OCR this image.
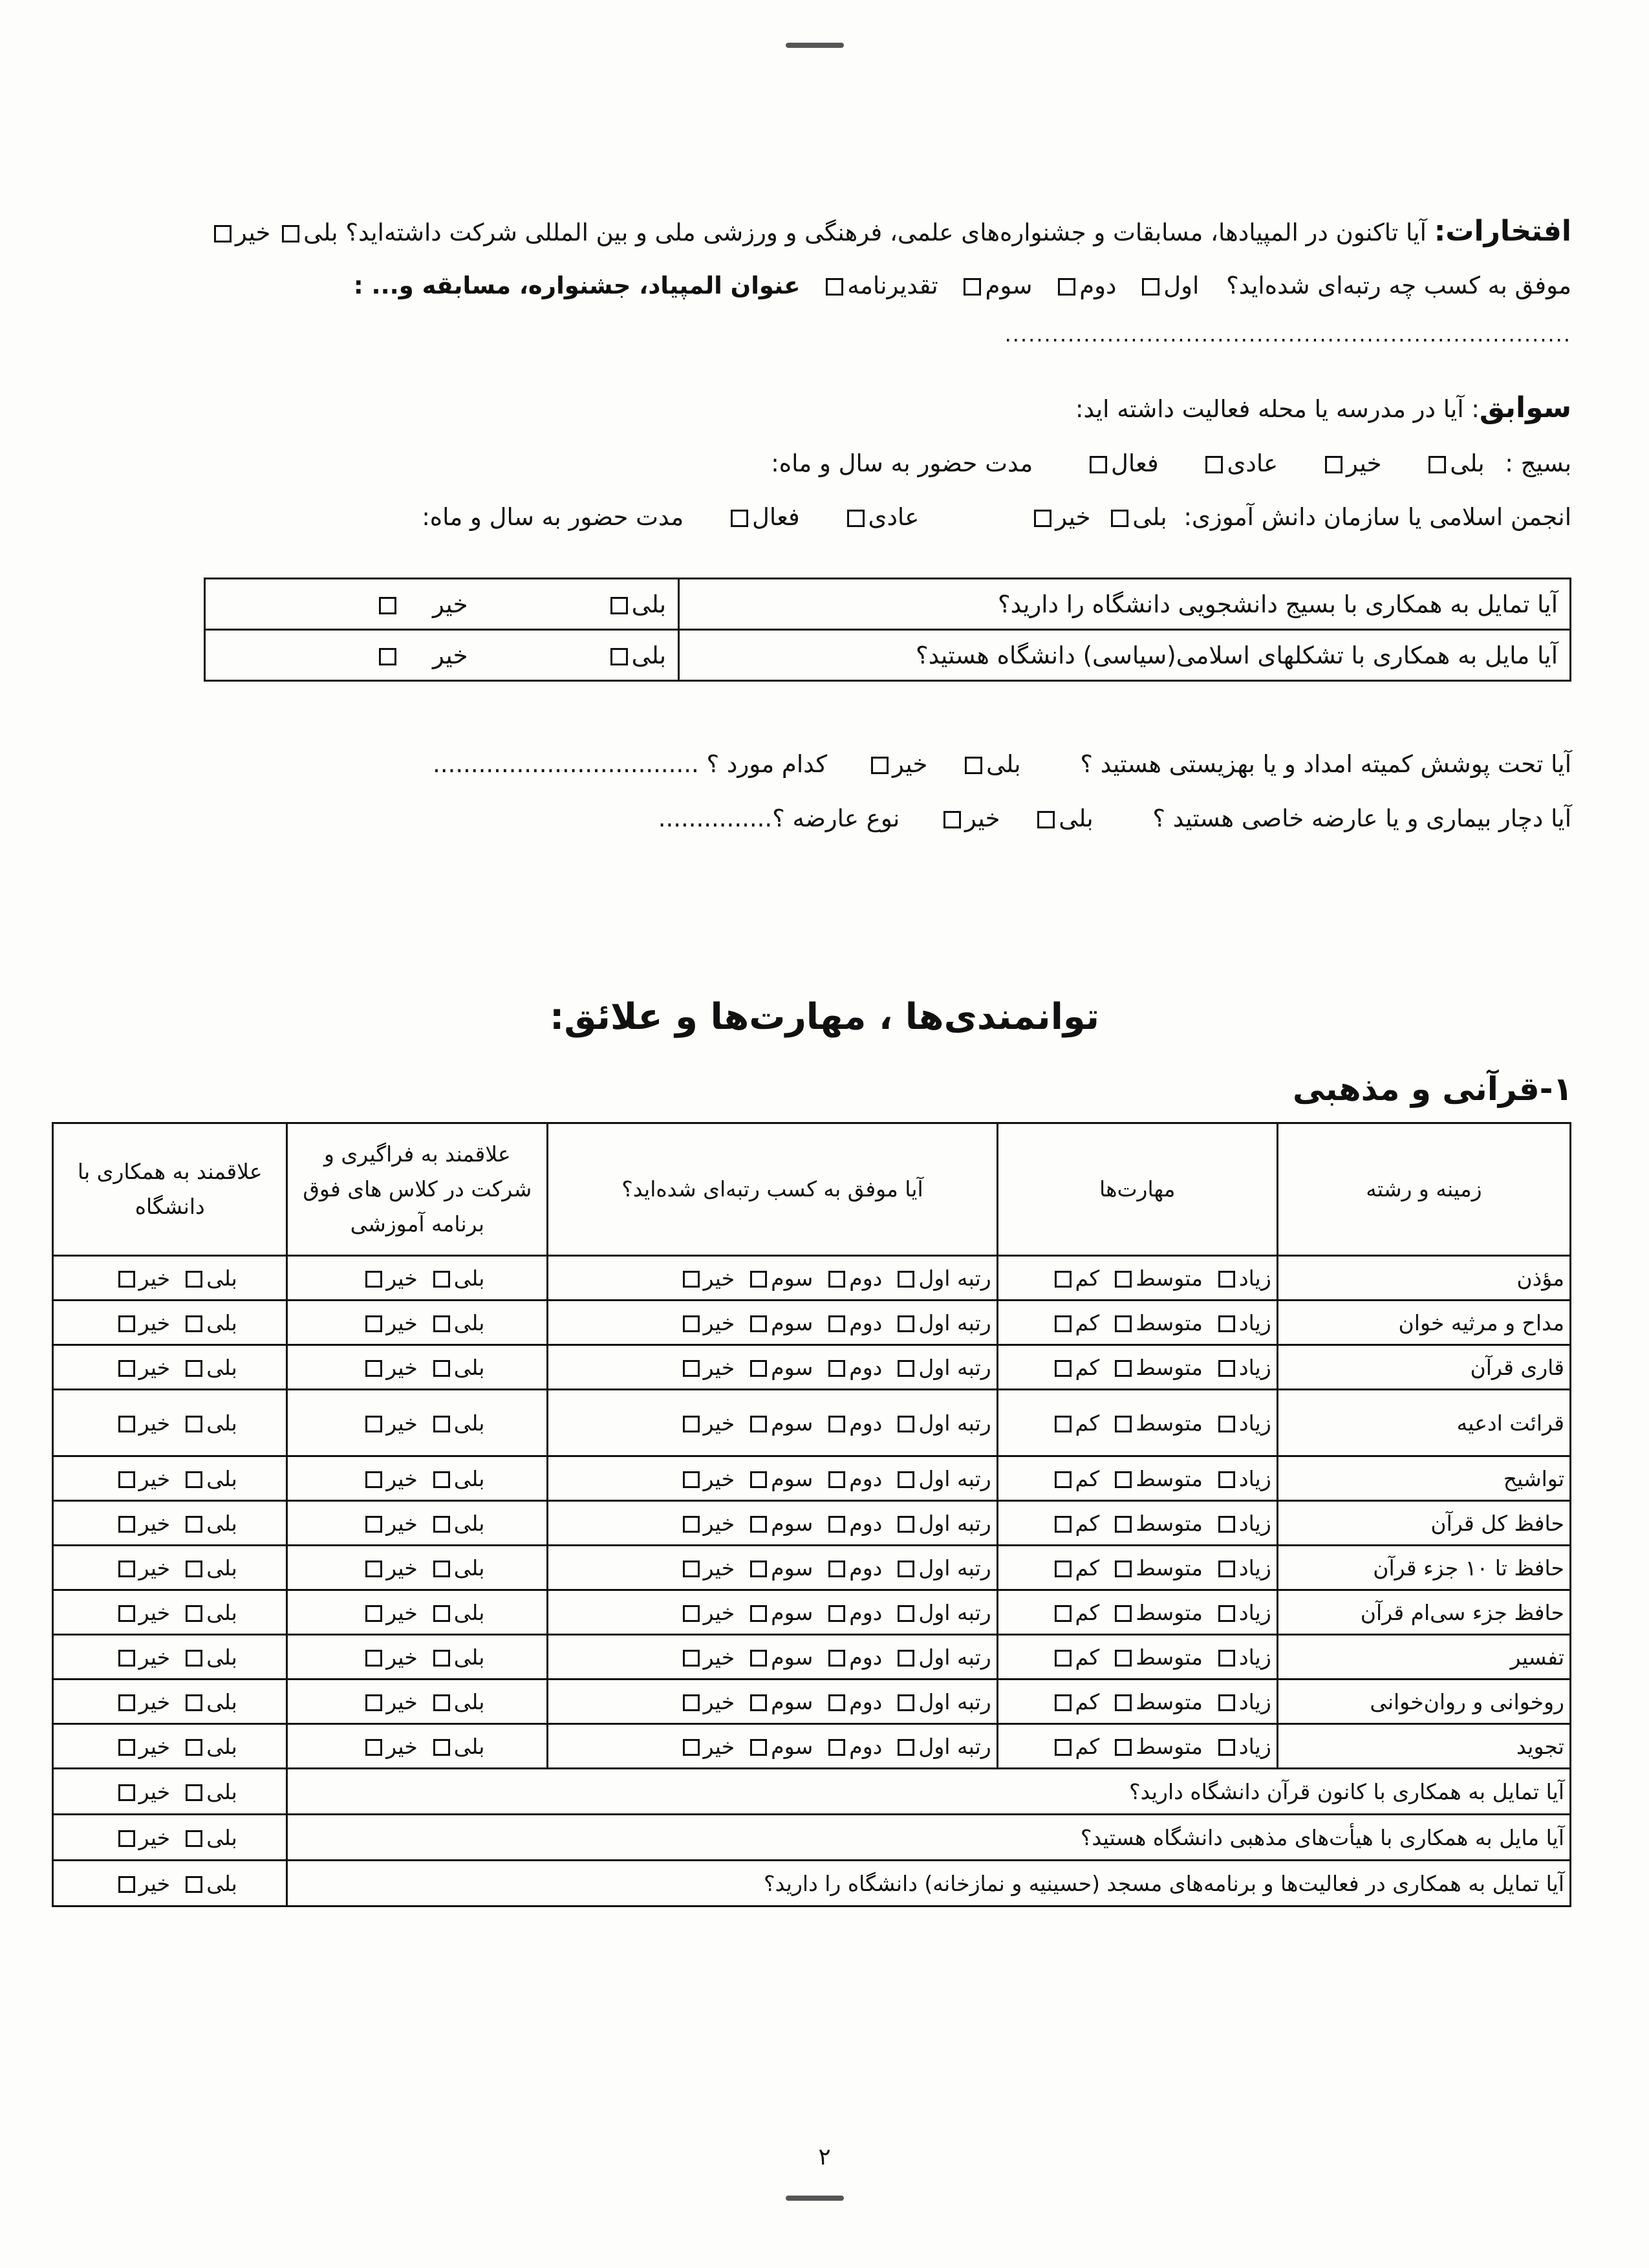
افتخارات: آیا تاکنون در المپیادها، مسابقات و جشنواره‌های علمی، فرهنگی و ورزشی ملی و بین المللی شرکت داشته‌اید؟ بلی خیر
موفق به کسب چه رتبه‌ای شده‌اید؟ اول دوم سوم تقدیرنامه عنوان المپیاد، جشنواره، مسابقه و... :
........................................................................
سوابق: آیا در مدرسه یا محله فعالیت داشته اید:
بسیج : بلی خیر عادی فعال مدت حضور به سال و ماه:
انجمن اسلامی یا سازمان دانش آموزی: بلی خیر عادی فعال مدت حضور به سال و ماه:
آیا تمایل به همکاری با بسیج دانشجویی دانشگاه را دارید؟	بلی	خیر
آیا مایل به همکاری با تشکلهای اسلامی(سیاسی) دانشگاه هستید؟	بلی	خیر
آیا تحت پوشش کمیته امداد و یا بهزیستی هستید ؟ بلی خیر کدام مورد ؟ ...................................
آیا دچار بیماری و یا عارضه خاصی هستید ؟ بلی خیر نوع عارضه ؟...............
توانمندی‌ها ، مهارت‌ها و علائق:
۱-قرآنی و مذهبی
زمینه و رشته	مهارت‌ها	آیا موفق به کسب رتبه‌ای شده‌اید؟	علاقمند به فراگیری و شرکت در کلاس های فوق برنامه آموزشی	علاقمند به همکاری با دانشگاه
مؤذن	زیادمتوسطکم	رتبه اولدومسومخیر	بلیخیر	بلیخیر
مداح و مرثیه خوان	زیادمتوسطکم	رتبه اولدومسومخیر	بلیخیر	بلیخیر
قاری قرآن	زیادمتوسطکم	رتبه اولدومسومخیر	بلیخیر	بلیخیر
قرائت ادعیه	زیادمتوسطکم	رتبه اولدومسومخیر	بلیخیر	بلیخیر
تواشیح	زیادمتوسطکم	رتبه اولدومسومخیر	بلیخیر	بلیخیر
حافظ کل قرآن	زیادمتوسطکم	رتبه اولدومسومخیر	بلیخیر	بلیخیر
حافظ تا ۱۰ جزء قرآن	زیادمتوسطکم	رتبه اولدومسومخیر	بلیخیر	بلیخیر
حافظ جزء سی‌ام قرآن	زیادمتوسطکم	رتبه اولدومسومخیر	بلیخیر	بلیخیر
تفسیر	زیادمتوسطکم	رتبه اولدومسومخیر	بلیخیر	بلیخیر
روخوانی و روان‌خوانی	زیادمتوسطکم	رتبه اولدومسومخیر	بلیخیر	بلیخیر
تجوید	زیادمتوسطکم	رتبه اولدومسومخیر	بلیخیر	بلیخیر
آیا تمایل به همکاری با کانون قرآن دانشگاه دارید؟				بلیخیر
آیا مایل به همکاری با هیأت‌های مذهبی دانشگاه هستید؟				بلیخیر
آیا تمایل به همکاری در فعالیت‌ها و برنامه‌های مسجد (حسینیه و نمازخانه) دانشگاه را دارید؟				بلیخیر
۲
